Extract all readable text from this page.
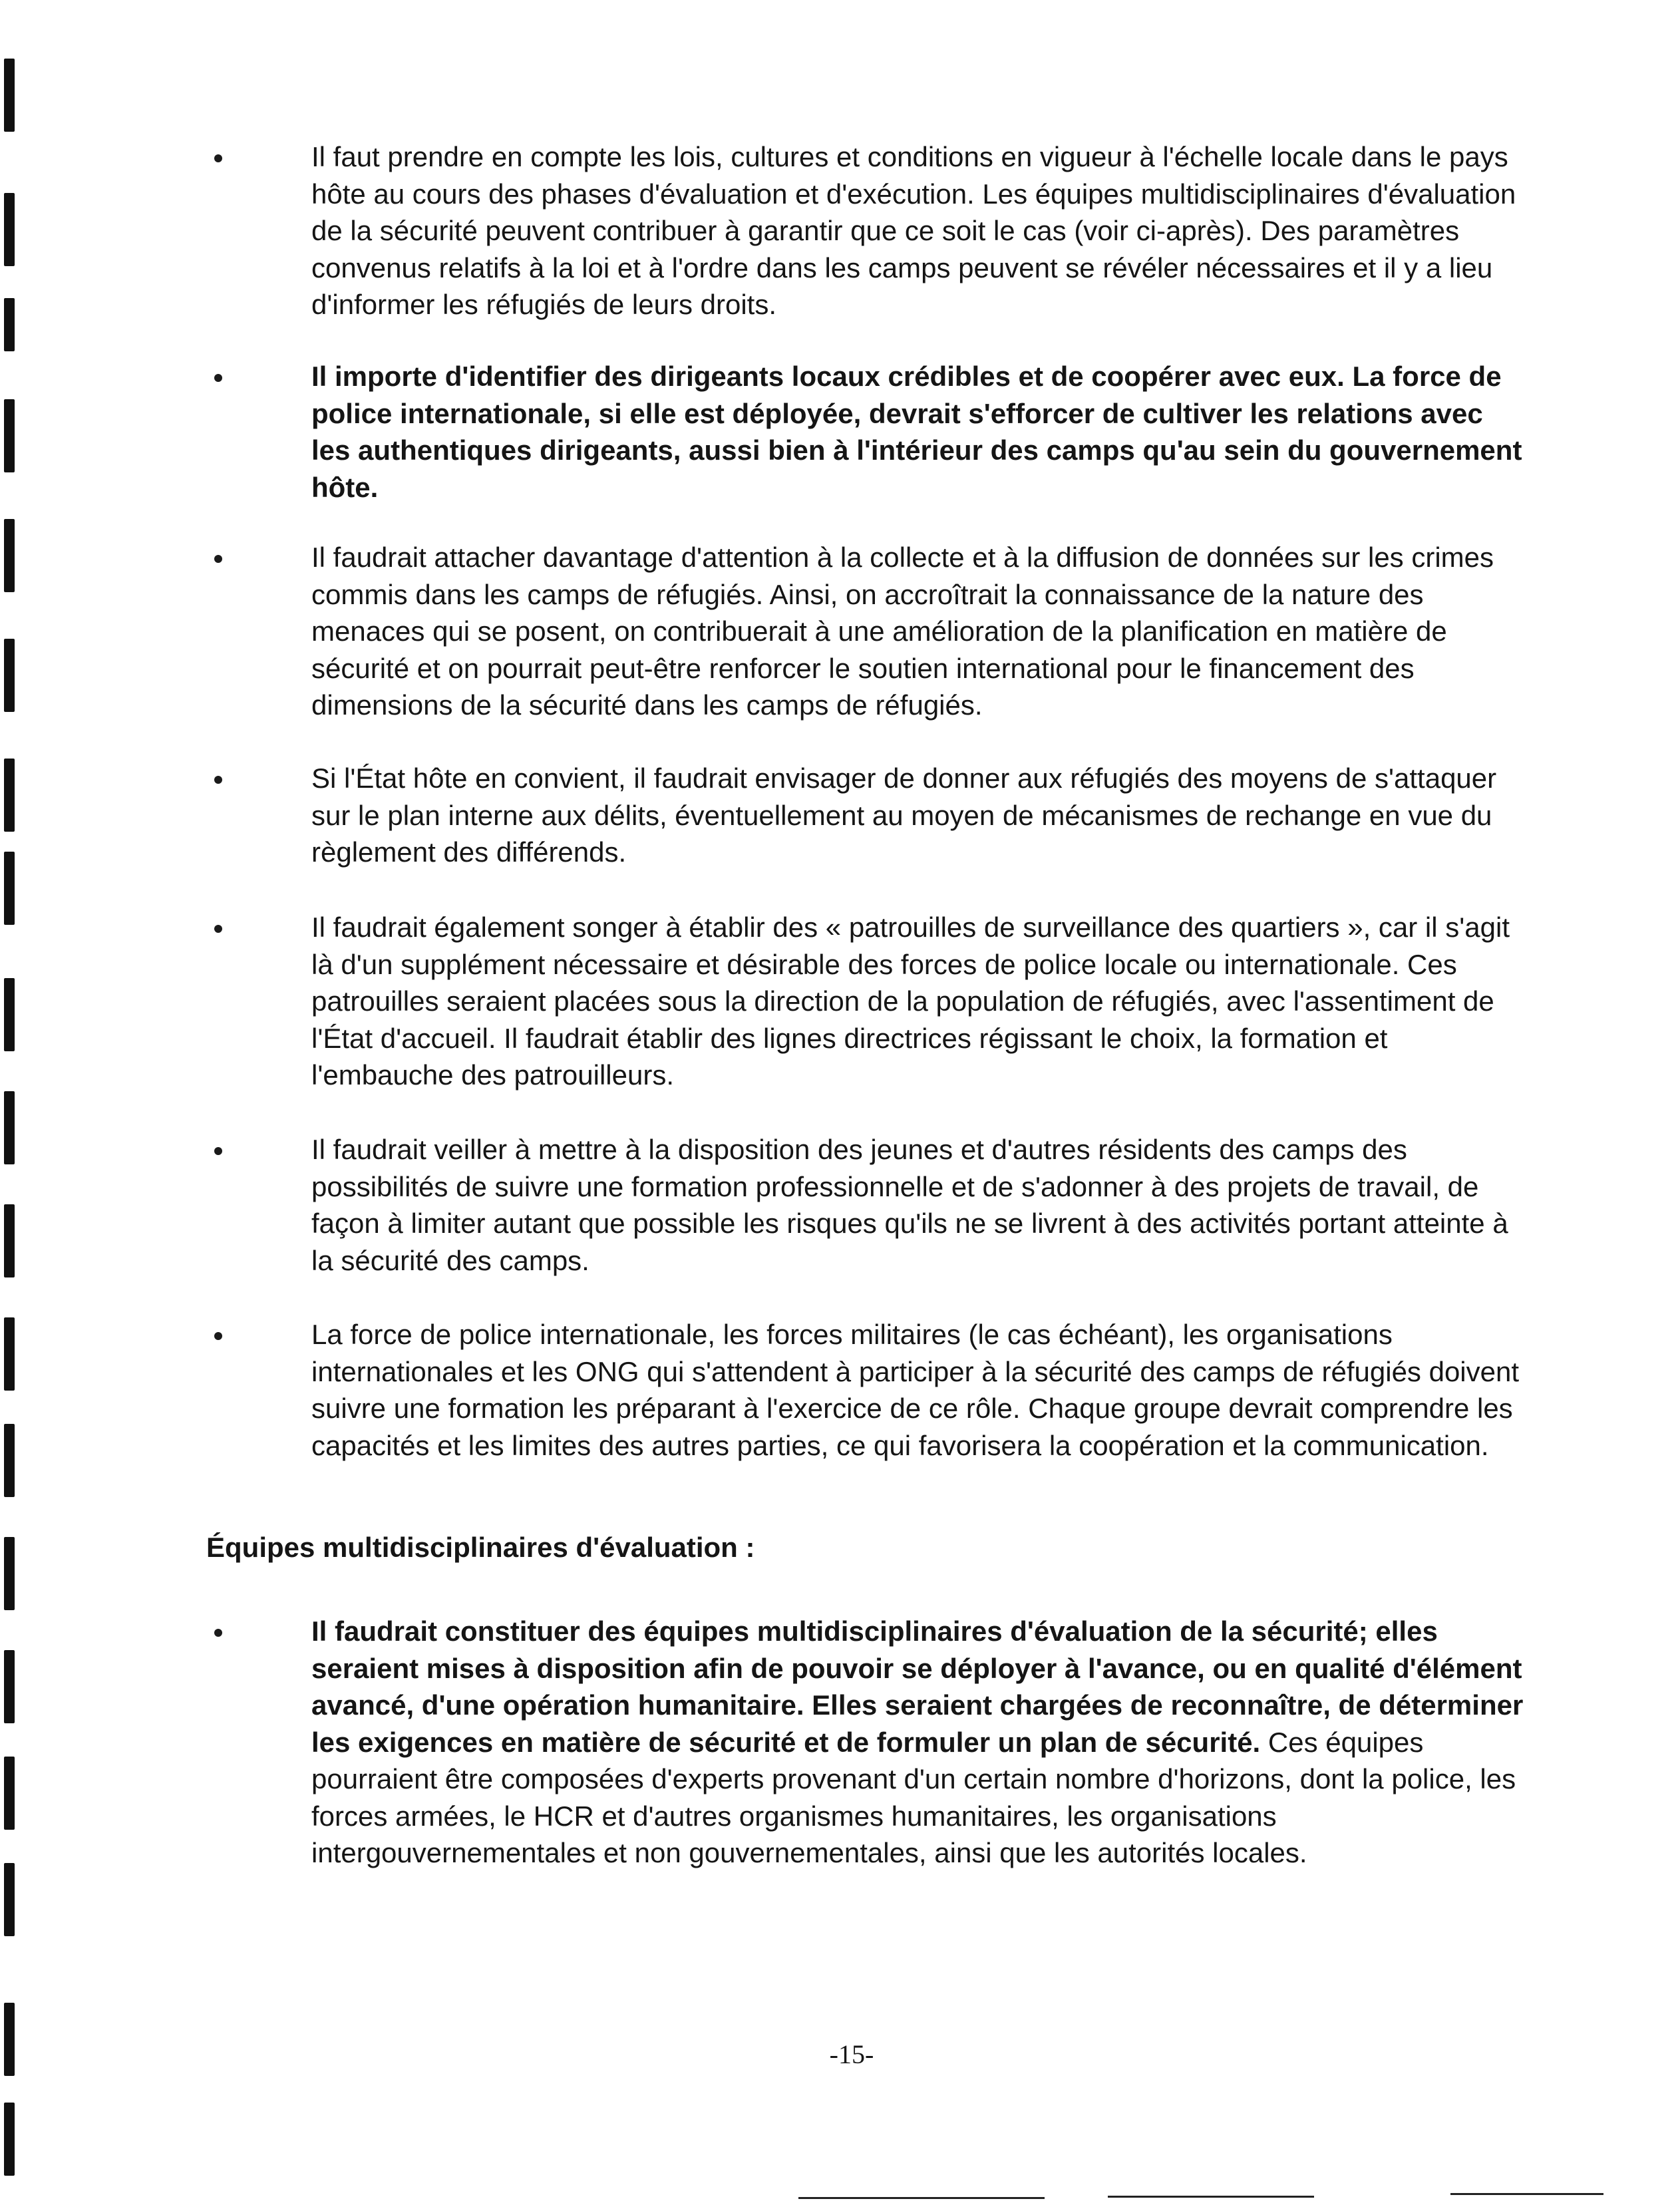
Il faut prendre en compte les lois, cultures et conditions en vigueur à l'échelle locale dans le pays hôte au cours des phases d'évaluation et d'exécution. Les équipes multidisciplinaires d'évaluation de la sécurité peuvent contribuer à garantir que ce soit le cas (voir ci-après). Des paramètres convenus relatifs à la loi et à l'ordre dans les camps peuvent se révéler nécessaires et il y a lieu d'informer les réfugiés de leurs droits.

Il importe d'identifier des dirigeants locaux crédibles et de coopérer avec eux. La force de police internationale, si elle est déployée, devrait s'efforcer de cultiver les relations avec les authentiques dirigeants, aussi bien à l'intérieur des camps qu'au sein du gouvernement hôte.

Il faudrait attacher davantage d'attention à la collecte et à la diffusion de données sur les crimes commis dans les camps de réfugiés. Ainsi, on accroîtrait la connaissance de la nature des menaces qui se posent, on contribuerait à une amélioration de la planification en matière de sécurité et on pourrait peut-être renforcer le soutien international pour le financement des dimensions de la sécurité dans les camps de réfugiés.

Si l'État hôte en convient, il faudrait envisager de donner aux réfugiés des moyens de s'attaquer sur le plan interne aux délits, éventuellement au moyen de mécanismes de rechange en vue du règlement des différends.

Il faudrait également songer à établir des « patrouilles de surveillance des quartiers », car il s'agit là d'un supplément nécessaire et désirable des forces de police locale ou internationale. Ces patrouilles seraient placées sous la direction de la population de réfugiés, avec l'assentiment de l'État d'accueil. Il faudrait établir des lignes directrices régissant le choix, la formation et l'embauche des patrouilleurs.

Il faudrait veiller à mettre à la disposition des jeunes et d'autres résidents des camps des possibilités de suivre une formation professionnelle et de s'adonner à des projets de travail, de façon à limiter autant que possible les risques qu'ils ne se livrent à des activités portant atteinte à la sécurité des camps.

La force de police internationale, les forces militaires (le cas échéant), les organisations internationales et les ONG qui s'attendent à participer à la sécurité des camps de réfugiés doivent suivre une formation les préparant à l'exercice de ce rôle. Chaque groupe devrait comprendre les capacités et les limites des autres parties, ce qui favorisera la coopération et la communication.

Équipes multidisciplinaires d'évaluation :

Il faudrait constituer des équipes multidisciplinaires d'évaluation de la sécurité; elles seraient mises à disposition afin de pouvoir se déployer à l'avance, ou en qualité d'élément avancé, d'une opération humanitaire. Elles seraient chargées de reconnaître, de déterminer les exigences en matière de sécurité et de formuler un plan de sécurité. Ces équipes pourraient être composées d'experts provenant d'un certain nombre d'horizons, dont la police, les forces armées, le HCR et d'autres organismes humanitaires, les organisations intergouvernementales et non gouvernementales, ainsi que les autorités locales.

-15-
